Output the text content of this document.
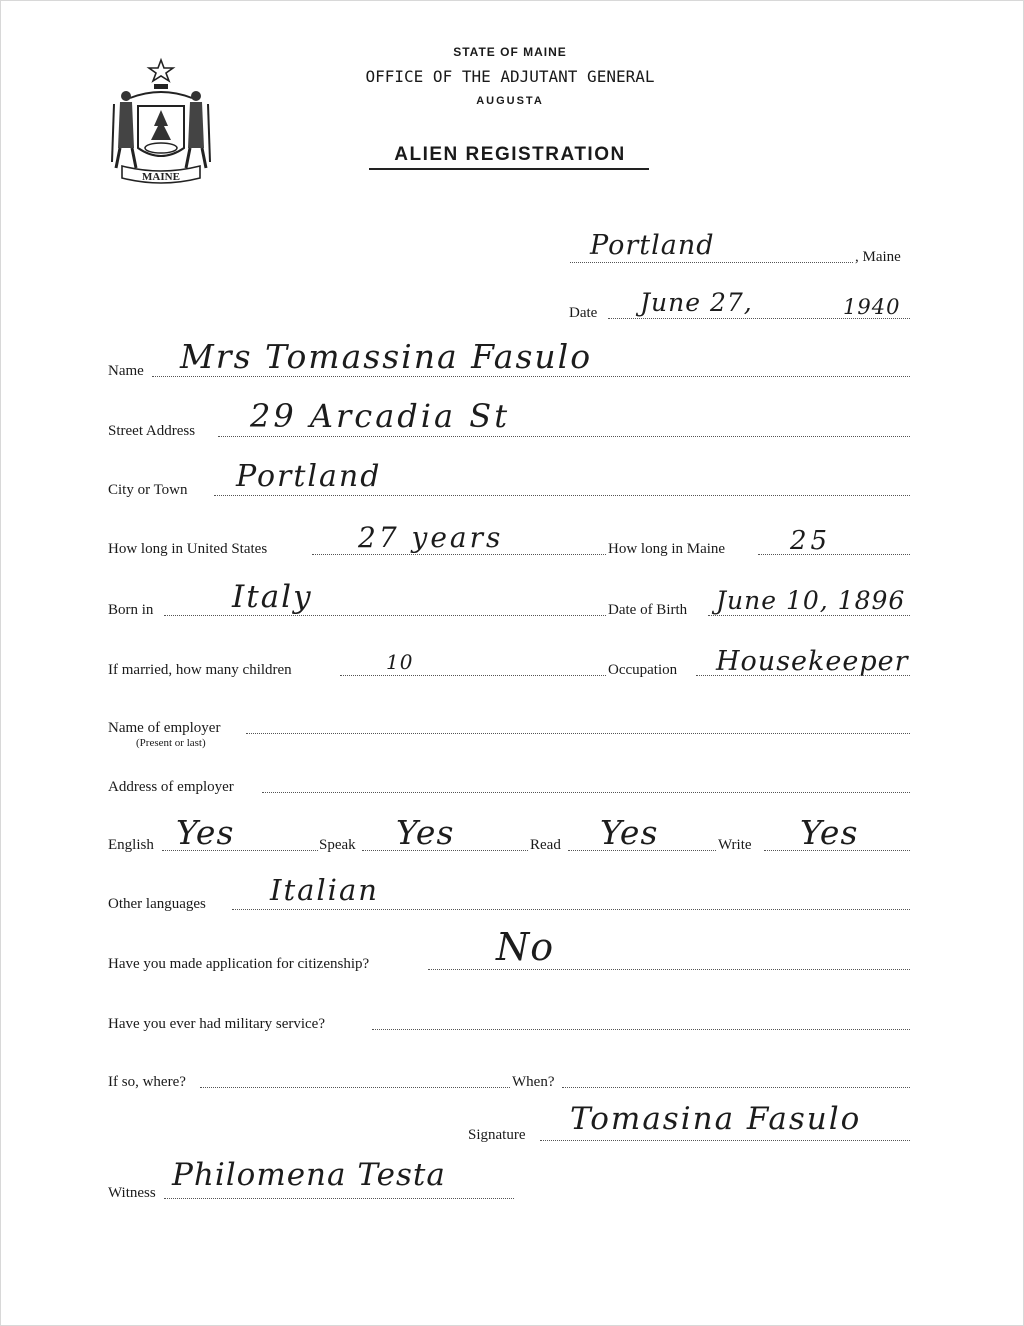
MAINE
STATE OF MAINE
OFFICE OF THE ADJUTANT GENERAL
AUGUSTA
ALIEN REGISTRATION
Portland	, Maine
Date June 27,	1940
Name Mrs Tomassina Fasulo
Street Address 29 Arcadia St
City or Town Portland
How long in United States	27 years	How long in Maine 25
Born in	Italy	Date of Birth June 10, 1896
If married, how many children	10	Occupation Housekeeper
Name of employer
(Present or last)
Address of employer
English Yes	Speak Yes	Read Yes	Write Yes
Other languages Italian
Have you made application for citizenship?	No
Have you ever had military service?
If so, where?	When?
Signature Tomasina Fasulo
Witness Philomena Testa
